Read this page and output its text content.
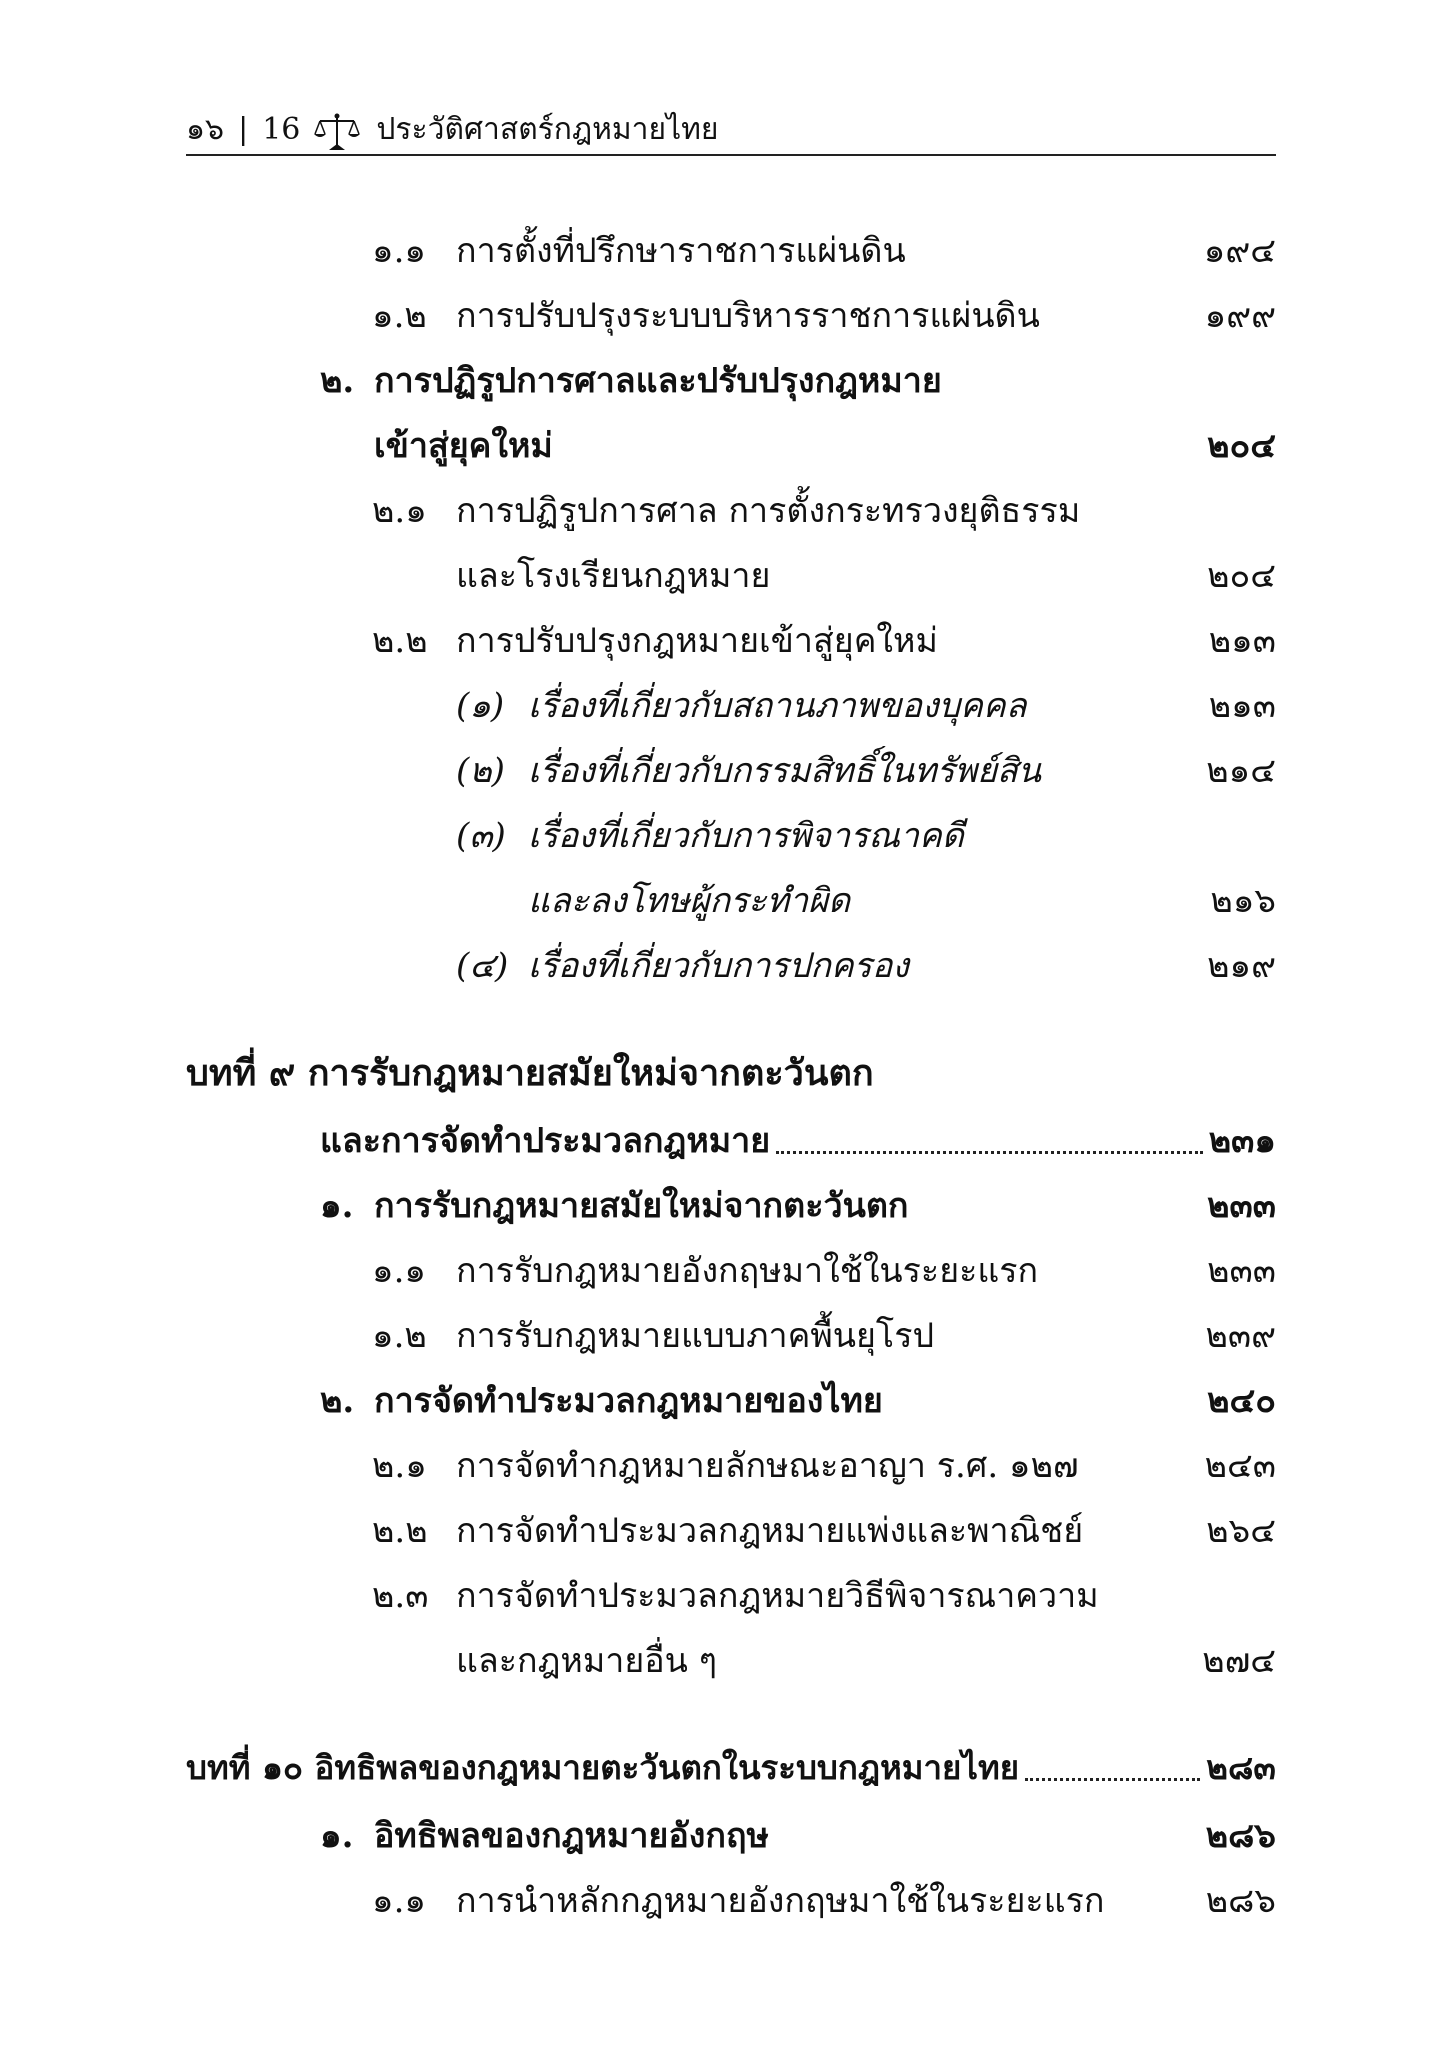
๑๖ | 16	ประวัติศาสตร์กฎหมายไทย
๑.๑ การตั้งที่ปรึกษาราชการแผ่นดิน	๑๙๔
๑.๒ การปรับปรุงระบบบริหารราชการแผ่นดิน	๑๙๙
๒. การปฏิรูปการศาลและปรับปรุงกฎหมาย
เข้าสู่ยุคใหม่	๒๐๔
๒.๑ การปฏิรูปการศาล การตั้งกระทรวงยุติธรรม
และโรงเรียนกฎหมาย	๒๐๔
๒.๒ การปรับปรุงกฎหมายเข้าสู่ยุคใหม่	๒๑๓
(๑) เรื่องที่เกี่ยวกับสถานภาพของบุคคล	๒๑๓
(๒) เรื่องที่เกี่ยวกับกรรมสิทธิ์ในทรัพย์สิน	๒๑๔
(๓) เรื่องที่เกี่ยวกับการพิจารณาคดี
และลงโทษผู้กระทำผิด	๒๑๖
(๔) เรื่องที่เกี่ยวกับการปกครอง	๒๑๙
บทที่ ๙ การรับกฎหมายสมัยใหม่จากตะวันตก
และการจัดทำประมวลกฎหมาย	๒๓๑
๑. การรับกฎหมายสมัยใหม่จากตะวันตก	๒๓๓
๑.๑ การรับกฎหมายอังกฤษมาใช้ในระยะแรก	๒๓๓
๑.๒ การรับกฎหมายแบบภาคพื้นยุโรป	๒๓๙
๒. การจัดทำประมวลกฎหมายของไทย	๒๔๐
๒.๑ การจัดทำกฎหมายลักษณะอาญา ร.ศ. ๑๒๗	๒๔๓
๒.๒ การจัดทำประมวลกฎหมายแพ่งและพาณิชย์	๒๖๔
๒.๓ การจัดทำประมวลกฎหมายวิธีพิจารณาความ
และกฎหมายอื่น ๆ	๒๗๔
บทที่ ๑๐ อิทธิพลของกฎหมายตะวันตกในระบบกฎหมายไทย	๒๘๓
๑. อิทธิพลของกฎหมายอังกฤษ	๒๘๖
๑.๑ การนำหลักกฎหมายอังกฤษมาใช้ในระยะแรก	๒๘๖
